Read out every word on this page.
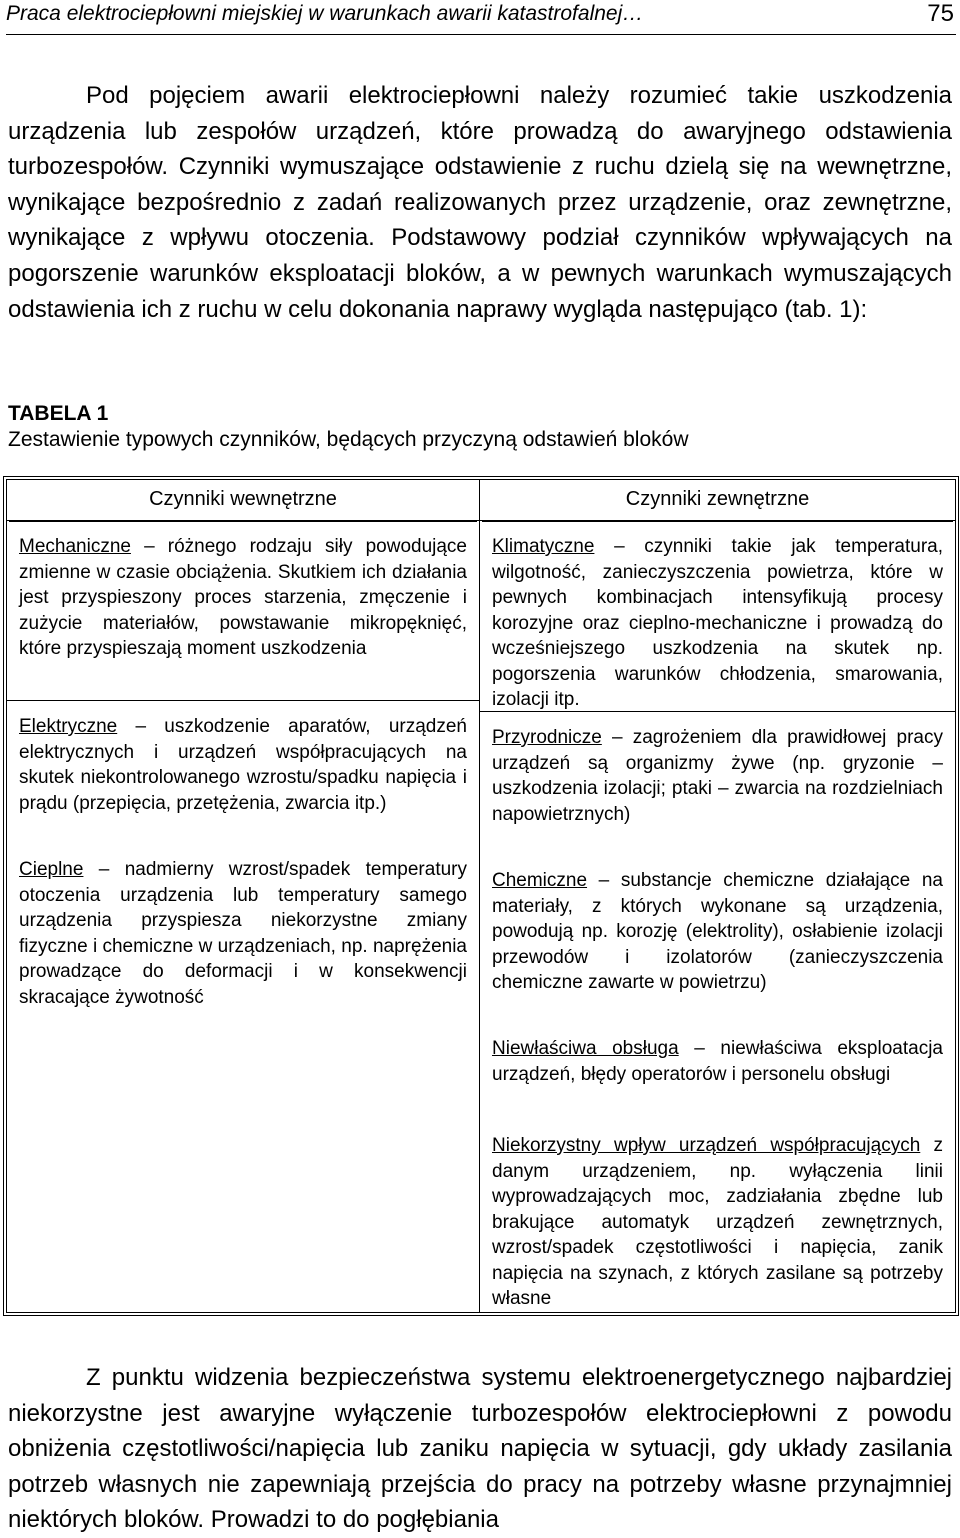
Praca elektrociepłowni miejskiej w warunkach awarii katastrofalnej…	75

Pod pojęciem awarii elektrociepłowni należy rozumieć takie uszkodzenia urządzenia lub zespołów urządzeń, które prowadzą do awaryjnego odstawienia turbozespołów. Czynniki wymuszające odstawienie z ruchu dzielą się na wewnętrzne, wynikające bezpośrednio z zadań realizowanych przez urządzenie, oraz zewnętrzne, wynikające z wpływu otoczenia. Podstawowy podział czynników wpływających na pogorszenie warunków eksploatacji bloków, a w pewnych warunkach wymuszających odstawienia ich z ruchu w celu dokonania naprawy wygląda następująco (tab. 1):

TABELA 1
Zestawienie typowych czynników, będących przyczyną odstawień bloków
Czynniki wewnętrzne

Mechaniczne – różnego rodzaju siły powodujące zmienne w czasie obciążenia. Skutkiem ich działania jest przyspieszony proces starzenia, zmęczenie i zużycie materiałów, powstawanie mikropęknięć, które przyspieszają moment uszkodzenia

Elektryczne – uszkodzenie aparatów, urządzeń elektrycznych i urządzeń współpracujących na skutek niekontrolowanego wzrostu/spadku napięcia i prądu (przepięcia, przetężenia, zwarcia itp.)

Cieplne – nadmierny wzrost/spadek temperatury otoczenia urządzenia lub temperatury samego urządzenia przyspiesza niekorzystne zmiany fizyczne i chemiczne w urządzeniach, np. naprężenia prowadzące do deformacji i w konsekwencji skracające żywotność

Czynniki zewnętrzne

Klimatyczne – czynniki takie jak temperatura, wilgotność, zanieczyszczenia powietrza, które w pewnych kombinacjach intensyfikują procesy korozyjne oraz cieplno-mechaniczne i prowadzą do wcześniejszego uszkodzenia na skutek np. pogorszenia warunków chłodzenia, smarowania, izolacji itp.

Przyrodnicze – zagrożeniem dla prawidłowej pracy urządzeń są organizmy żywe (np. gryzonie – uszkodzenia izolacji; ptaki – zwarcia na rozdzielniach napowietrznych)

Chemiczne – substancje chemiczne działające na materiały, z których wykonane są urządzenia, powodują np. korozję (elektrolity), osłabienie izolacji przewodów i izolatorów (zanieczyszczenia chemiczne zawarte w powietrzu)

Niewłaściwa obsługa – niewłaściwa eksploatacja urządzeń, błędy operatorów i personelu obsługi

Niekorzystny wpływ urządzeń współpracujących z danym urządzeniem, np. wyłączenia linii wyprowadzających moc, zadziałania zbędne lub brakujące automatyk urządzeń zewnętrznych, wzrost/spadek częstotliwości i napięcia, zanik napięcia na szynach, z których zasilane są potrzeby własne

Z punktu widzenia bezpieczeństwa systemu elektroenergetycznego najbardziej niekorzystne jest awaryjne wyłączenie turbozespołów elektrociepłowni z powodu obniżenia częstotliwości/napięcia lub zaniku napięcia w sytuacji, gdy układy zasilania potrzeb własnych nie zapewniają przejścia do pracy na potrzeby własne przynajmniej niektórych bloków. Prowadzi to do pogłębiania
